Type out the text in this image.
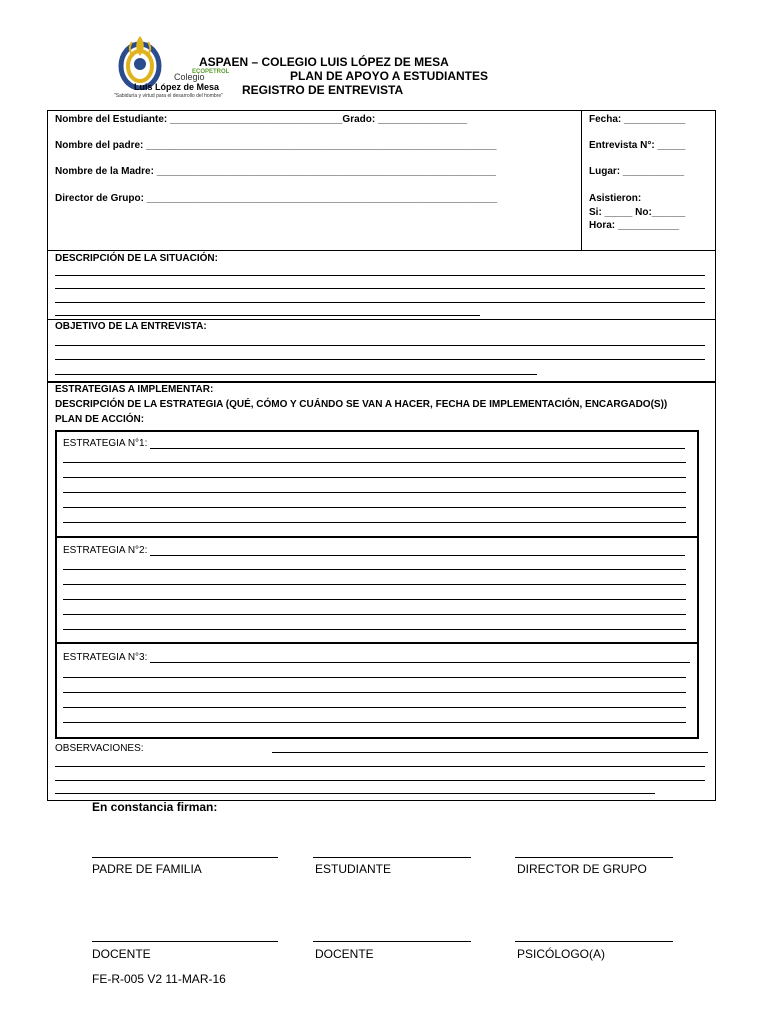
ECOPETROL
Colegio
Luis López de Mesa
"Sabiduría y virtud para el desarrollo del hombre"
ASPAEN – COLEGIO LUIS LÓPEZ DE MESA
PLAN DE APOYO A ESTUDIANTES
REGISTRO DE ENTREVISTA
Nombre del Estudiante: _______________________________Grado: ________________
Nombre del padre: _______________________________________________________________
Nombre de la Madre: _____________________________________________________________
Director de Grupo: _______________________________________________________________
Fecha: ___________
Entrevista N°: _____
Lugar: ___________
Asistieron:
Si: _____ No:______
Hora: ___________
DESCRIPCIÓN DE LA SITUACIÓN:
OBJETIVO DE LA ENTREVISTA:
ESTRATEGIAS A IMPLEMENTAR:
DESCRIPCIÓN DE LA ESTRATEGIA (QUÉ, CÓMO Y CUÁNDO SE VAN A HACER, FECHA DE IMPLEMENTACIÓN, ENCARGADO(S))
PLAN DE ACCIÓN:
ESTRATEGIA N°1:
ESTRATEGIA N°2:
ESTRATEGIA N°3:
OBSERVACIONES:
En constancia firman:
PADRE DE FAMILIA	ESTUDIANTE	DIRECTOR DE GRUPO
DOCENTE	DOCENTE	PSICÓLOGO(A)
FE-R-005 V2 11-MAR-16
